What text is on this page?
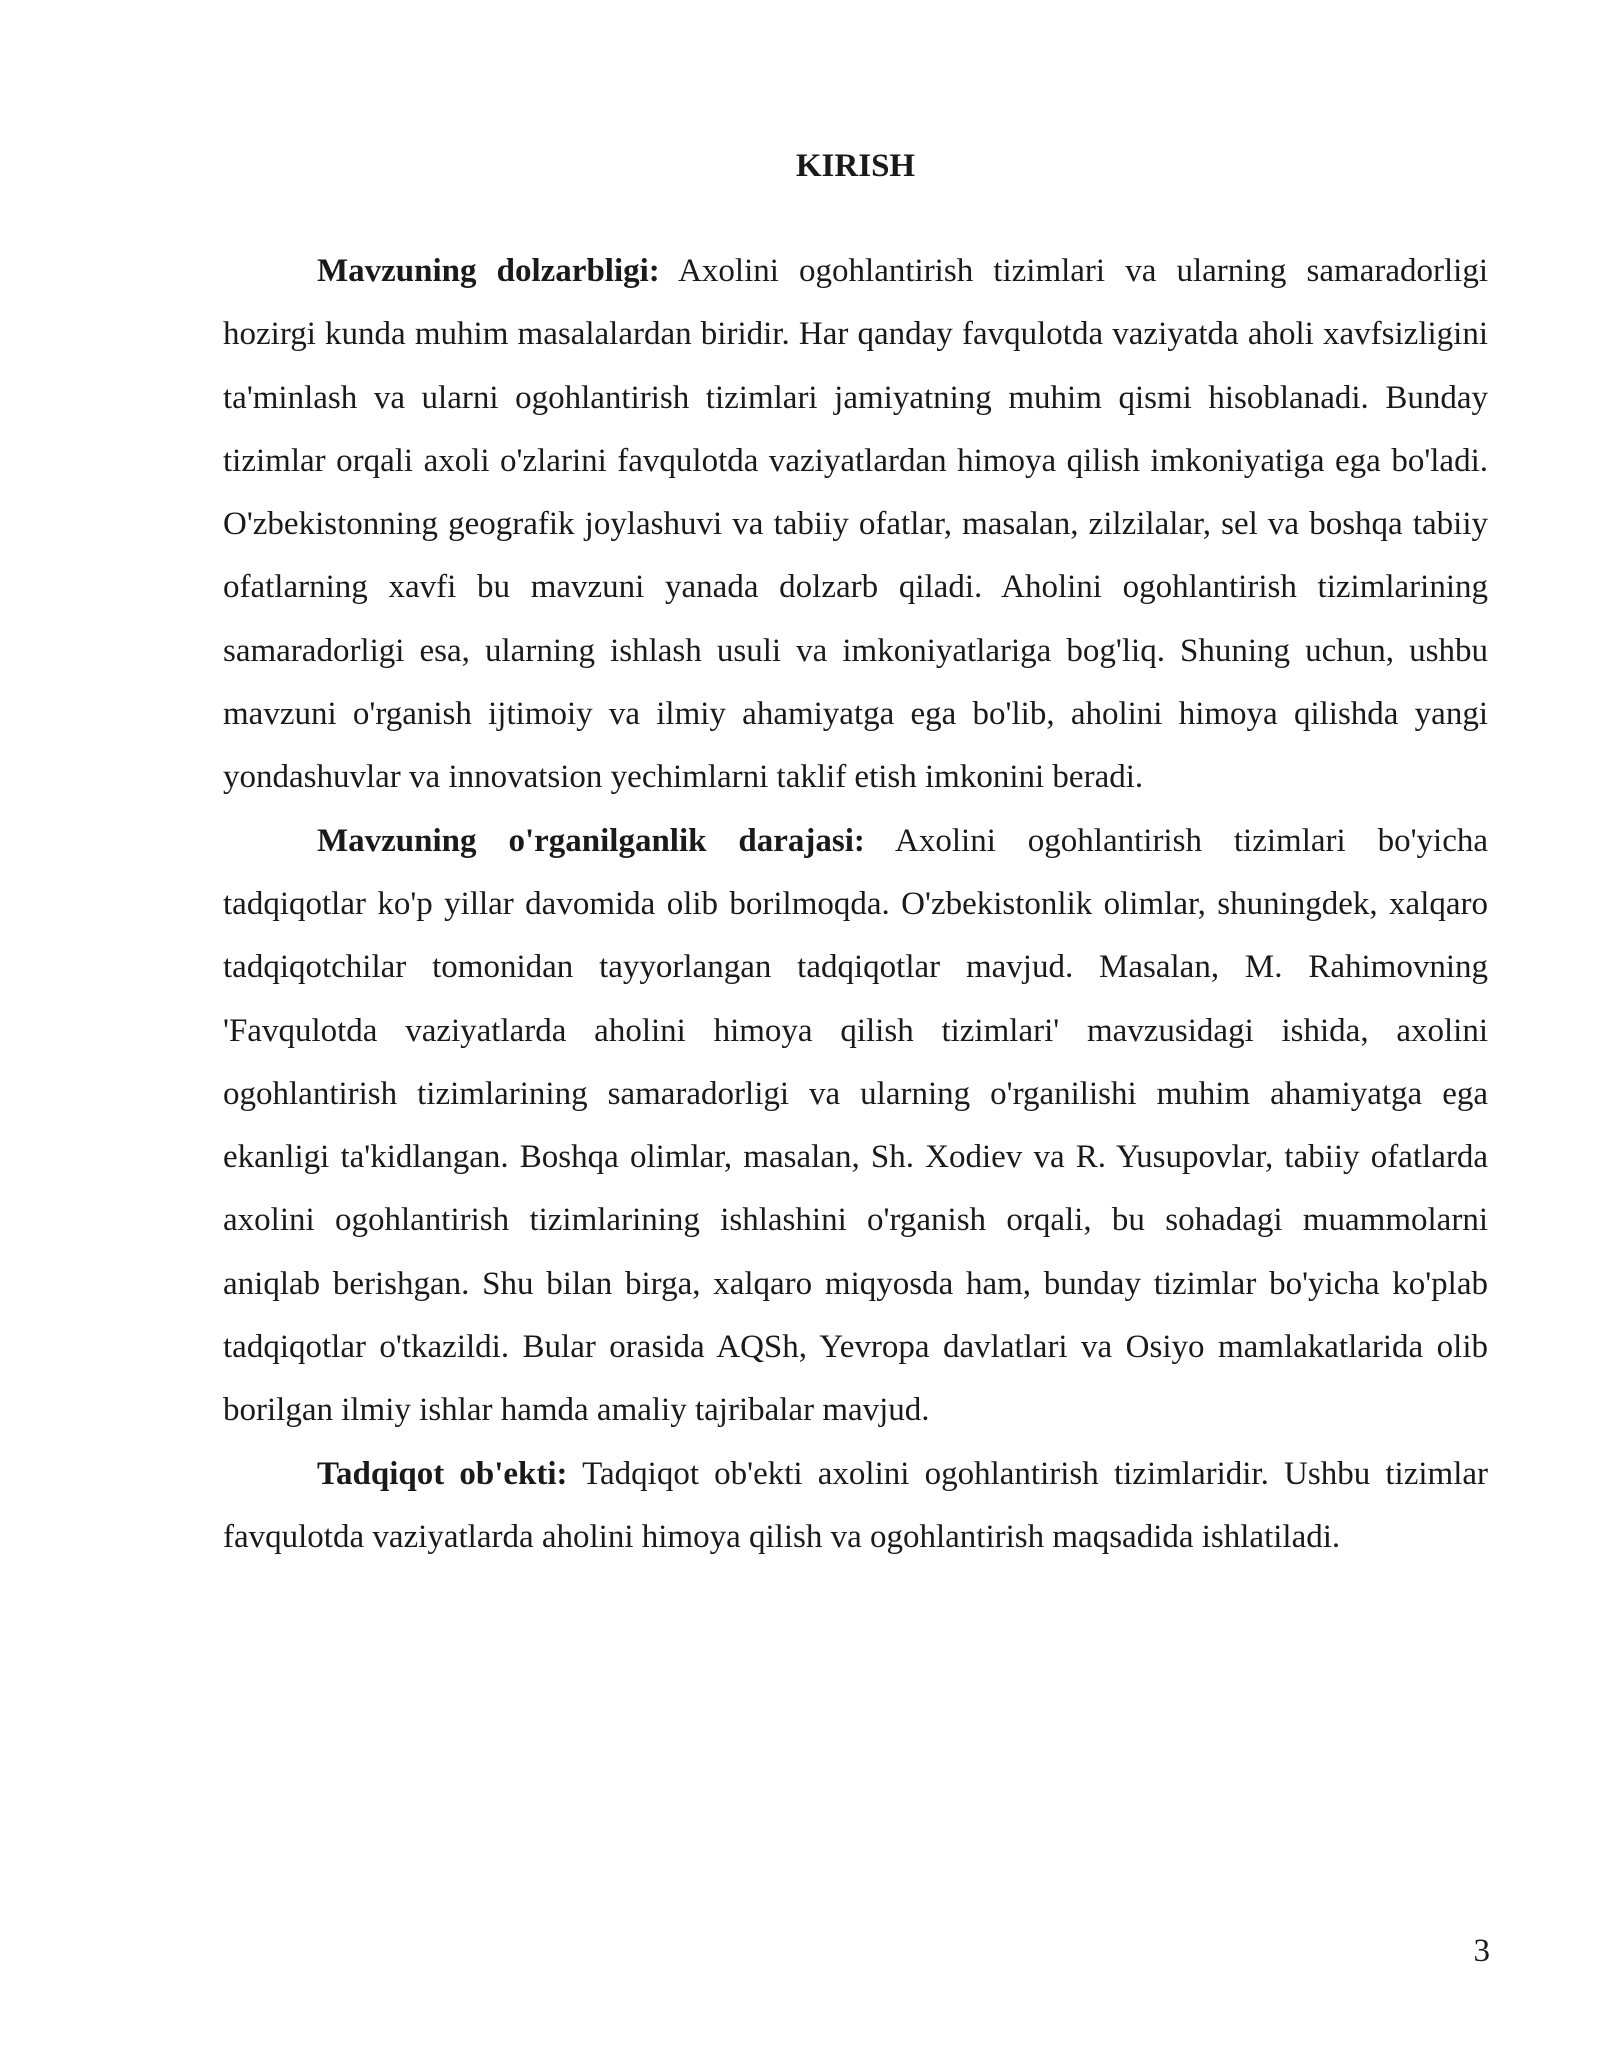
KIRISH

Mavzuning dolzarbligi: Axolini ogohlantirish tizimlari va ularning samaradorligi hozirgi kunda muhim masalalardan biridir. Har qanday favqulotda vaziyatda aholi xavfsizligini ta'minlash va ularni ogohlantirish tizimlari jamiyatning muhim qismi hisoblanadi. Bunday tizimlar orqali axoli o'zlarini favqulotda vaziyatlardan himoya qilish imkoniyatiga ega bo'ladi. O'zbekistonning geografik joylashuvi va tabiiy ofatlar, masalan, zilzilalar, sel va boshqa tabiiy ofatlarning xavfi bu mavzuni yanada dolzarb qiladi. Aholini ogohlantirish tizimlarining samaradorligi esa, ularning ishlash usuli va imkoniyatlariga bog'liq. Shuning uchun, ushbu mavzuni o'rganish ijtimoiy va ilmiy ahamiyatga ega bo'lib, aholini himoya qilishda yangi yondashuvlar va innovatsion yechimlarni taklif etish imkonini beradi.

Mavzuning o'rganilganlik darajasi: Axolini ogohlantirish tizimlari bo'yicha tadqiqotlar ko'p yillar davomida olib borilmoqda. O'zbekistonlik olimlar, shuningdek, xalqaro tadqiqotchilar tomonidan tayyorlangan tadqiqotlar mavjud. Masalan, M. Rahimovning 'Favqulotda vaziyatlarda aholini himoya qilish tizimlari' mavzusidagi ishida, axolini ogohlantirish tizimlarining samaradorligi va ularning o'rganilishi muhim ahamiyatga ega ekanligi ta'kidlangan. Boshqa olimlar, masalan, Sh. Xodiev va R. Yusupovlar, tabiiy ofatlarda axolini ogohlantirish tizimlarining ishlashini o'rganish orqali, bu sohadagi muammolarni aniqlab berishgan. Shu bilan birga, xalqaro miqyosda ham, bunday tizimlar bo'yicha ko'plab tadqiqotlar o'tkazildi. Bular orasida AQSh, Yevropa davlatlari va Osiyo mamlakatlarida olib borilgan ilmiy ishlar hamda amaliy tajribalar mavjud.

Tadqiqot ob'ekti: Tadqiqot ob'ekti axolini ogohlantirish tizimlaridir. Ushbu tizimlar favqulotda vaziyatlarda aholini himoya qilish va ogohlantirish maqsadida ishlatiladi.

3
